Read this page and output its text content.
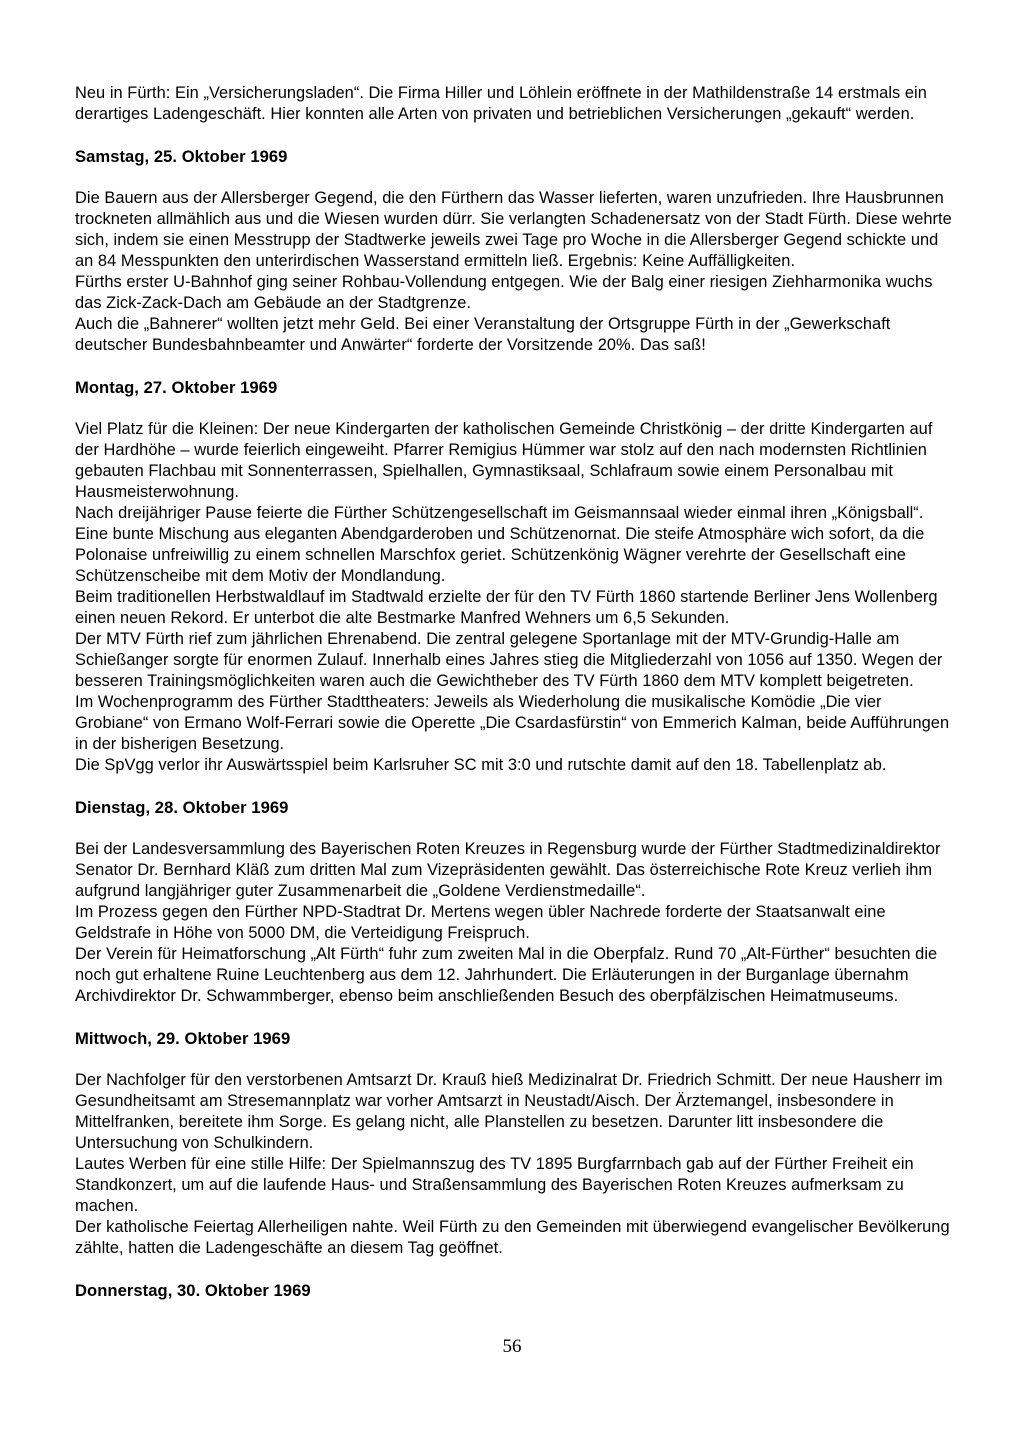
Neu in Fürth: Ein „Versicherungsladen“. Die Firma Hiller und Löhlein eröffnete in der Mathildenstraße 14 erstmals ein derartiges Ladengeschäft. Hier konnten alle Arten von privaten und betrieblichen Versicherungen „gekauft“ werden.

Samstag, 25. Oktober 1969

Die Bauern aus der Allersberger Gegend, die den Fürthern das Wasser lieferten, waren unzufrieden. Ihre Hausbrunnen trockneten allmählich aus und die Wiesen wurden dürr. Sie verlangten Schadenersatz von der Stadt Fürth. Diese wehrte sich, indem sie einen Messtrupp der Stadtwerke jeweils zwei Tage pro Woche in die Allersberger Gegend schickte und an 84 Messpunkten den unterirdischen Wasserstand ermitteln ließ. Ergebnis: Keine Auffälligkeiten.

Fürths erster U-Bahnhof ging seiner Rohbau-Vollendung entgegen. Wie der Balg einer riesigen Ziehharmonika wuchs das Zick-Zack-Dach am Gebäude an der Stadtgrenze.

Auch die „Bahnerer“ wollten jetzt mehr Geld. Bei einer Veranstaltung der Ortsgruppe Fürth in der „Gewerkschaft deutscher Bundesbahnbeamter und Anwärter“ forderte der Vorsitzende 20%. Das saß!

Montag, 27. Oktober 1969

Viel Platz für die Kleinen: Der neue Kindergarten der katholischen Gemeinde Christkönig – der dritte Kindergarten auf der Hardhöhe – wurde feierlich eingeweiht. Pfarrer Remigius Hümmer war stolz auf den nach modernsten Richtlinien gebauten Flachbau mit Sonnenterrassen, Spielhallen, Gymnastiksaal, Schlafraum sowie einem Personalbau mit Hausmeisterwohnung.

Nach dreijähriger Pause feierte die Fürther Schützengesellschaft im Geismannsaal wieder einmal ihren „Königsball“. Eine bunte Mischung aus eleganten Abendgarderoben und Schützenornat. Die steife Atmosphäre wich sofort, da die Polonaise unfreiwillig zu einem schnellen Marschfox geriet. Schützenkönig Wägner verehrte der Gesellschaft eine Schützenscheibe mit dem Motiv der Mondlandung.

Beim traditionellen Herbstwaldlauf im Stadtwald erzielte der für den TV Fürth 1860 startende Berliner Jens Wollenberg einen neuen Rekord. Er unterbot die alte Bestmarke Manfred Wehners um 6,5 Sekunden.

Der MTV Fürth rief zum jährlichen Ehrenabend. Die zentral gelegene Sportanlage mit der MTV-Grundig-Halle am Schießanger sorgte für enormen Zulauf. Innerhalb eines Jahres stieg die Mitgliederzahl von 1056 auf 1350. Wegen der besseren Trainingsmöglichkeiten waren auch die Gewichtheber des TV Fürth 1860 dem MTV komplett beigetreten.

Im Wochenprogramm des Fürther Stadttheaters: Jeweils als Wiederholung die musikalische Komödie „Die vier Grobiane“ von Ermano Wolf-Ferrari sowie die Operette „Die Csardasfürstin“ von Emmerich Kalman, beide Aufführungen in der bisherigen Besetzung.

Die SpVgg verlor ihr Auswärtsspiel beim Karlsruher SC mit 3:0 und rutschte damit auf den 18. Tabellenplatz ab.

Dienstag, 28. Oktober 1969

Bei der Landesversammlung des Bayerischen Roten Kreuzes in Regensburg wurde der Fürther Stadtmedizinaldirektor Senator Dr. Bernhard Kläß zum dritten Mal zum Vizepräsidenten gewählt. Das österreichische Rote Kreuz verlieh ihm aufgrund langjähriger guter Zusammenarbeit die „Goldene Verdienstmedaille“.

Im Prozess gegen den Fürther NPD-Stadtrat Dr. Mertens wegen übler Nachrede forderte der Staatsanwalt eine Geldstrafe in Höhe von 5000 DM, die Verteidigung Freispruch.

Der Verein für Heimatforschung „Alt Fürth“ fuhr zum zweiten Mal in die Oberpfalz. Rund 70 „Alt-Fürther“ besuchten die noch gut erhaltene Ruine Leuchtenberg aus dem 12. Jahrhundert. Die Erläuterungen in der Burganlage übernahm Archivdirektor Dr. Schwammberger, ebenso beim anschließenden Besuch des oberpfälzischen Heimatmuseums.

Mittwoch, 29. Oktober 1969

Der Nachfolger für den verstorbenen Amtsarzt Dr. Krauß hieß Medizinalrat Dr. Friedrich Schmitt. Der neue Hausherr im Gesundheitsamt am Stresemannplatz war vorher Amtsarzt in Neustadt/Aisch. Der Ärztemangel, insbesondere in Mittelfranken, bereitete ihm Sorge. Es gelang nicht, alle Planstellen zu besetzen. Darunter litt insbesondere die Untersuchung von Schulkindern.

Lautes Werben für eine stille Hilfe: Der Spielmannszug des TV 1895 Burgfarrnbach gab auf der Fürther Freiheit ein Standkonzert, um auf die laufende Haus- und Straßensammlung des Bayerischen Roten Kreuzes aufmerksam zu machen.

Der katholische Feiertag Allerheiligen nahte. Weil Fürth zu den Gemeinden mit überwiegend evangelischer Bevölkerung zählte, hatten die Ladengeschäfte an diesem Tag geöffnet.

Donnerstag, 30. Oktober 1969
56
